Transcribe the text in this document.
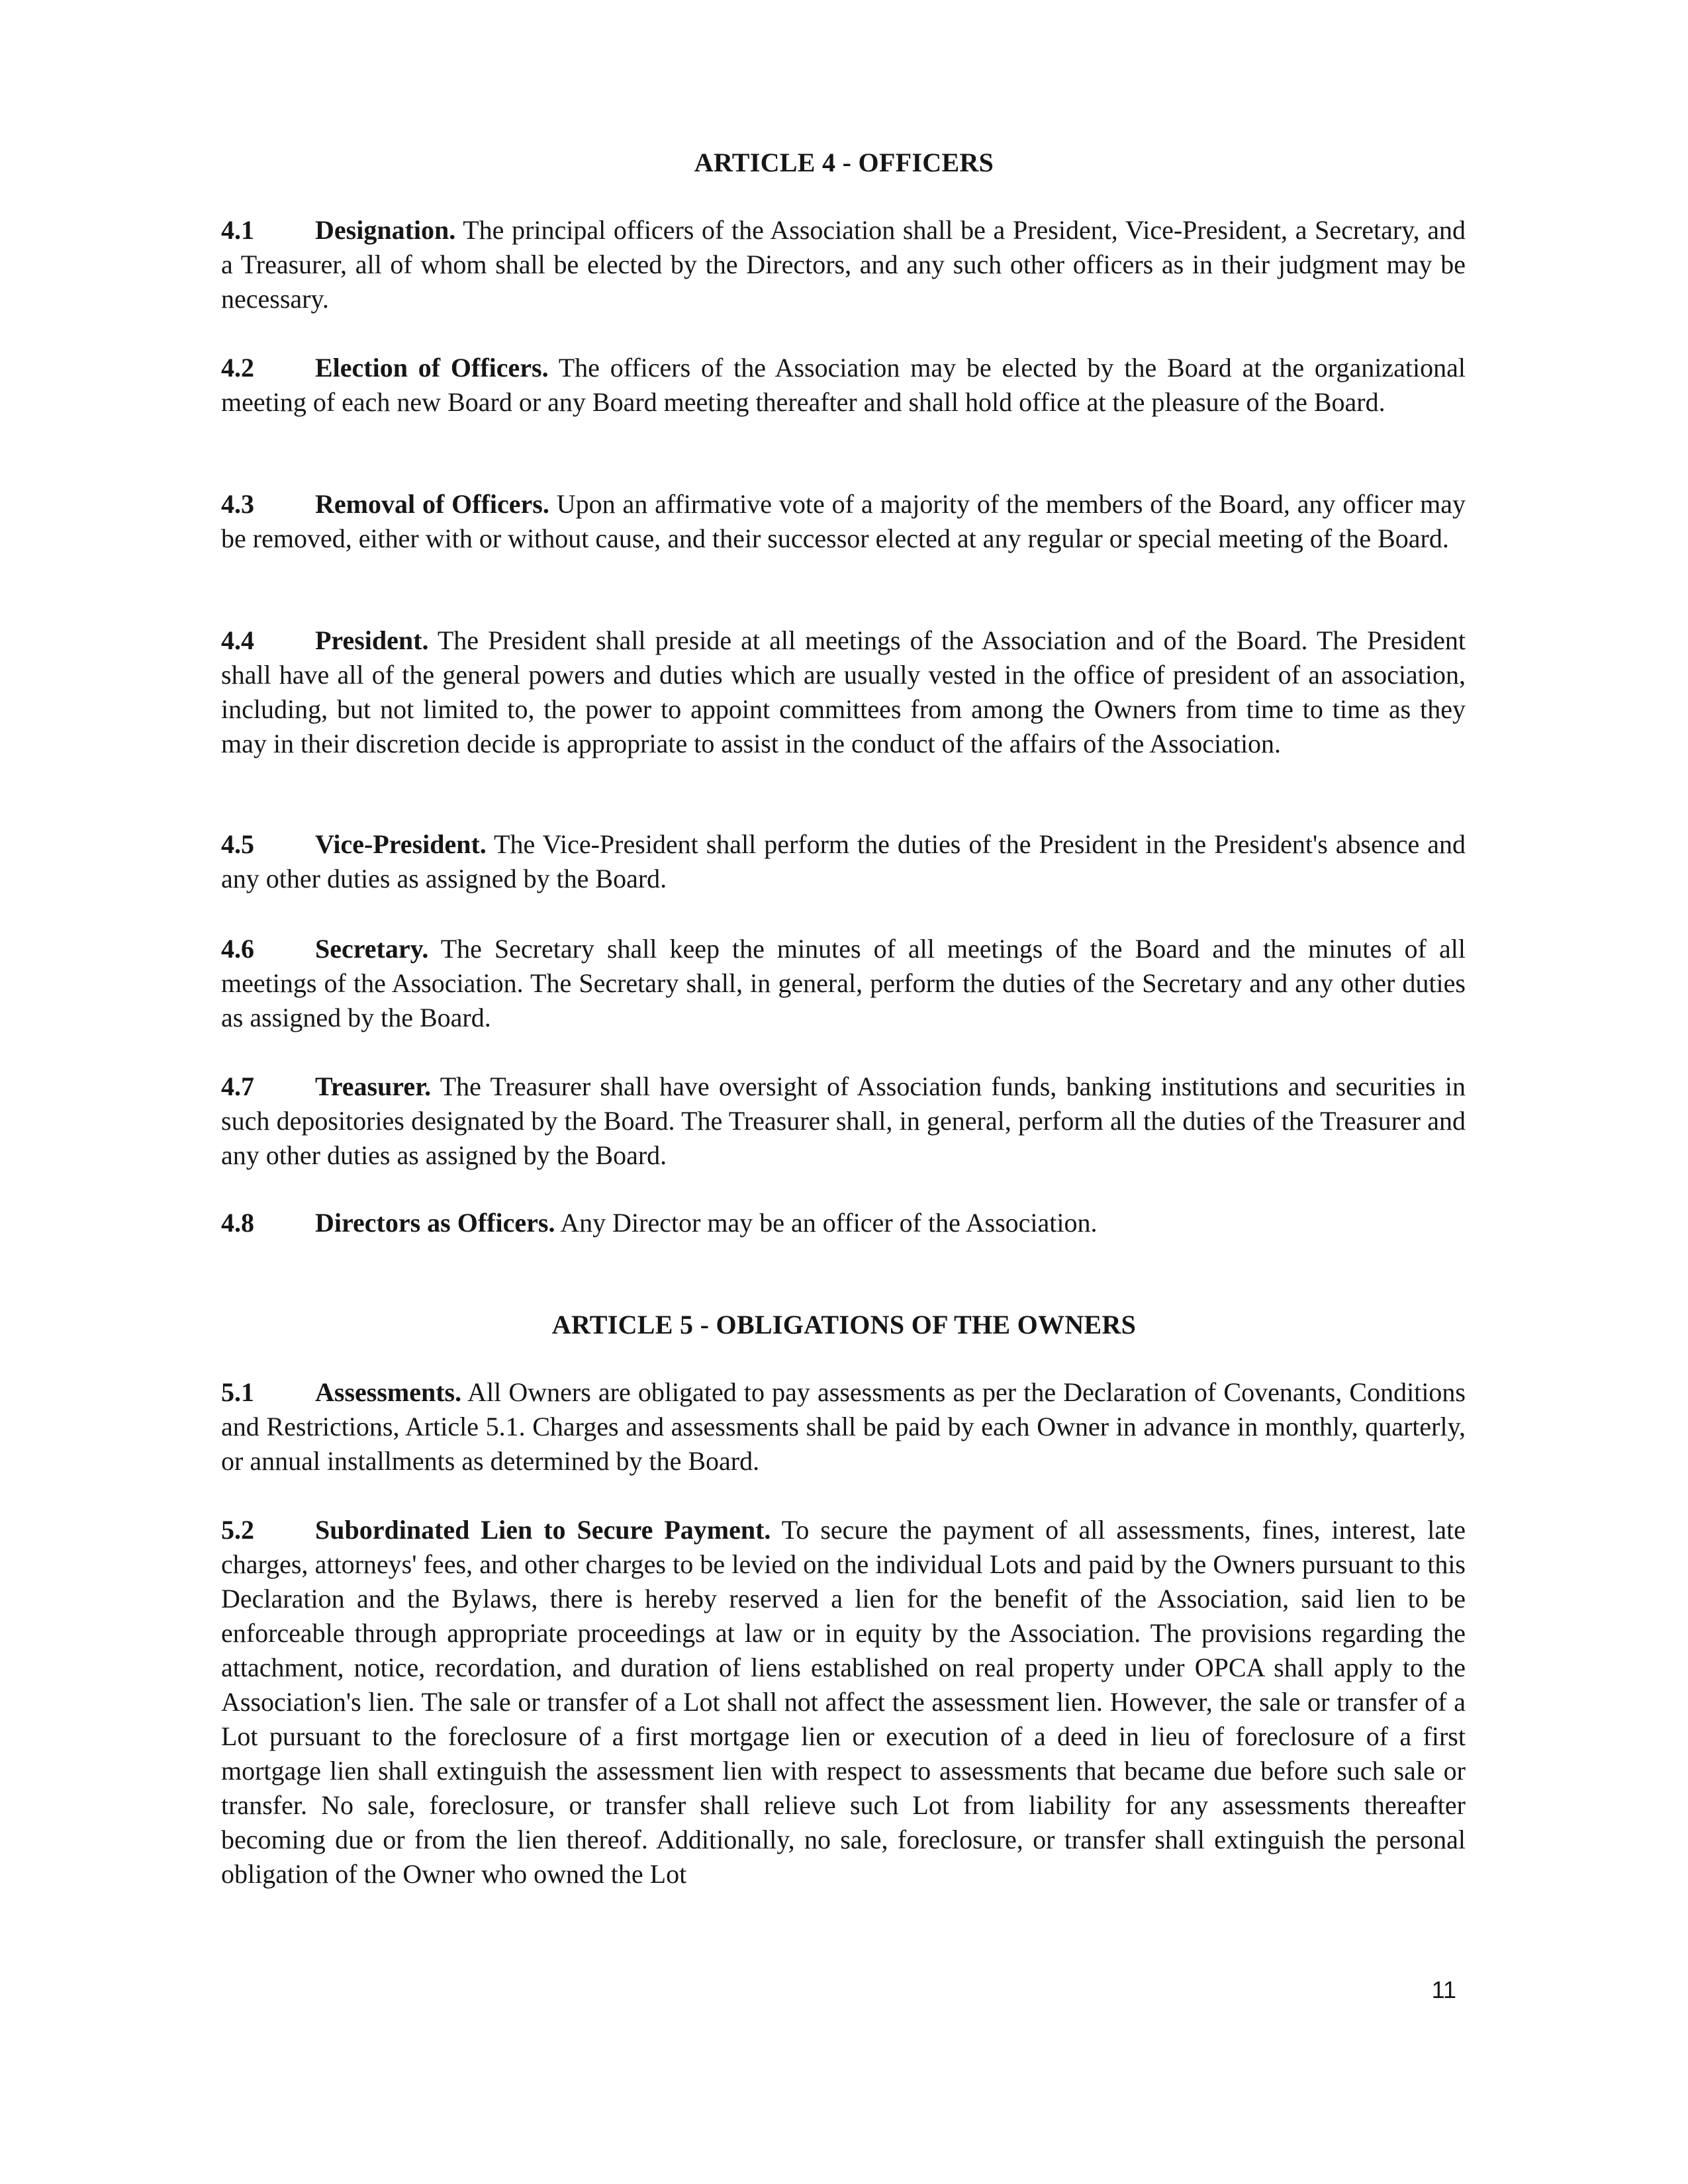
ARTICLE 4 - OFFICERS
4.1 Designation. The principal officers of the Association shall be a President, Vice-President, a Secretary, and a Treasurer, all of whom shall be elected by the Directors, and any such other officers as in their judgment may be necessary.
4.2 Election of Officers. The officers of the Association may be elected by the Board at the organizational meeting of each new Board or any Board meeting thereafter and shall hold office at the pleasure of the Board.
4.3 Removal of Officers. Upon an affirmative vote of a majority of the members of the Board, any officer may be removed, either with or without cause, and their successor elected at any regular or special meeting of the Board.
4.4 President. The President shall preside at all meetings of the Association and of the Board. The President shall have all of the general powers and duties which are usually vested in the office of president of an association, including, but not limited to, the power to appoint committees from among the Owners from time to time as they may in their discretion decide is appropriate to assist in the conduct of the affairs of the Association.
4.5 Vice-President. The Vice-President shall perform the duties of the President in the President's absence and any other duties as assigned by the Board.
4.6 Secretary. The Secretary shall keep the minutes of all meetings of the Board and the minutes of all meetings of the Association. The Secretary shall, in general, perform the duties of the Secretary and any other duties as assigned by the Board.
4.7 Treasurer. The Treasurer shall have oversight of Association funds, banking institutions and securities in such depositories designated by the Board. The Treasurer shall, in general, perform all the duties of the Treasurer and any other duties as assigned by the Board.
4.8 Directors as Officers. Any Director may be an officer of the Association.
ARTICLE 5 - OBLIGATIONS OF THE OWNERS
5.1 Assessments. All Owners are obligated to pay assessments as per the Declaration of Covenants, Conditions and Restrictions, Article 5.1. Charges and assessments shall be paid by each Owner in advance in monthly, quarterly, or annual installments as determined by the Board.
5.2 Subordinated Lien to Secure Payment. To secure the payment of all assessments, fines, interest, late charges, attorneys' fees, and other charges to be levied on the individual Lots and paid by the Owners pursuant to this Declaration and the Bylaws, there is hereby reserved a lien for the benefit of the Association, said lien to be enforceable through appropriate proceedings at law or in equity by the Association. The provisions regarding the attachment, notice, recordation, and duration of liens established on real property under OPCA shall apply to the Association's lien. The sale or transfer of a Lot shall not affect the assessment lien. However, the sale or transfer of a Lot pursuant to the foreclosure of a first mortgage lien or execution of a deed in lieu of foreclosure of a first mortgage lien shall extinguish the assessment lien with respect to assessments that became due before such sale or transfer. No sale, foreclosure, or transfer shall relieve such Lot from liability for any assessments thereafter becoming due or from the lien thereof. Additionally, no sale, foreclosure, or transfer shall extinguish the personal obligation of the Owner who owned the Lot
11
